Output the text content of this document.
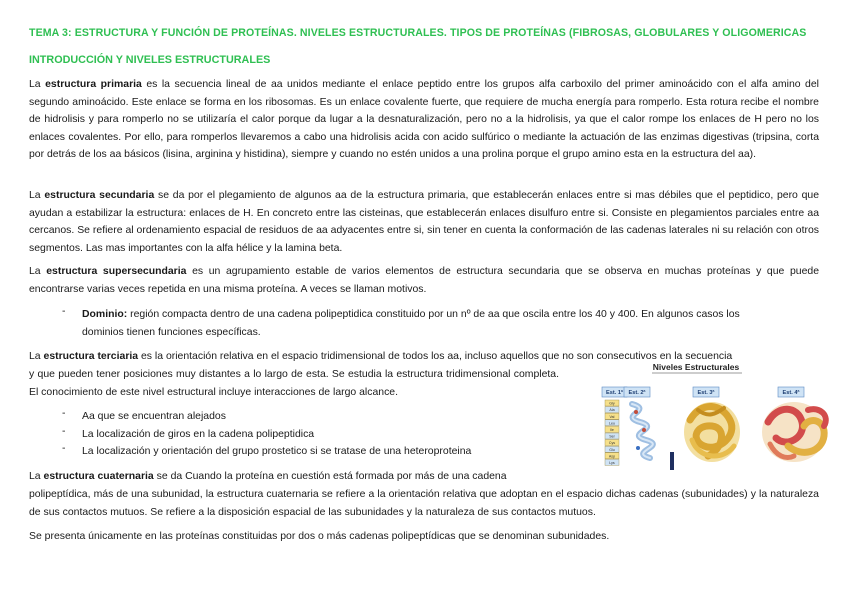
TEMA 3: ESTRUCTURA Y FUNCIÓN DE PROTEÍNAS. NIVELES ESTRUCTURALES. TIPOS DE PROTEÍNAS (FIBROSAS, GLOBULARES Y OLIGOMERICAS
INTRODUCCIÓN Y NIVELES ESTRUCTURALES
La estructura primaria es la secuencia lineal de aa unidos mediante el enlace peptido entre los grupos alfa carboxilo del primer aminoácido con el alfa amino del segundo aminoácido. Este enlace se forma en los ribosomas. Es un enlace covalente fuerte, que requiere de mucha energía para romperlo. Esta rotura recibe el nombre de hidrolisis y para romperlo no se utilizaría el calor porque da lugar a la desnaturalización, pero no a la hidrolisis, ya que el calor rompe los enlaces de H pero no los enlaces covalentes. Por ello, para romperlos llevaremos a cabo una hidrolisis acida con acido sulfúrico o mediante la actuación de las enzimas digestivas (tripsina, corta por detrás de los aa básicos (lisina, arginina y histidina), siempre y cuando no estén unidos a una prolina porque el grupo amino esta en la estructura del aa).
La estructura secundaria se da por el plegamiento de algunos aa de la estructura primaria, que establecerán enlaces entre si mas débiles que el peptidico, pero que ayudan a estabilizar la estructura: enlaces de H. En concreto entre las cisteinas, que establecerán enlaces disulfuro entre si. Consiste en plegamientos parciales entre aa cercanos. Se refiere al ordenamiento espacial de residuos de aa adyacentes entre si, sin tener en cuenta la conformación de las cadenas laterales ni su relación con otros segmentos. Las mas importantes con la alfa hélice y la lamina beta.
La estructura supersecundaria es un agrupamiento estable de varios elementos de estructura secundaria que se observa en muchas proteínas y que puede encontrarse varias veces repetida en una misma proteína. A veces se llaman motivos.
- Dominio: región compacta dentro de una cadena polipeptidica constituido por un nº de aa que oscila entre los 40 y 400. En algunos casos los dominios tienen funciones específicas.
La estructura terciaria es la orientación relativa en el espacio tridimensional de todos los aa, incluso aquellos que no son consecutivos en la secuencia
y que pueden tener posiciones muy distantes a lo largo de esta. Se estudia la estructura tridimensional completa. El conocimiento de este nivel estructural incluye interacciones de largo alcance.
- Aa que se encuentran alejados
- La localización de giros en la cadena polipeptidica
- La localización y orientación del grupo prostetico si se tratase de una heteroproteina
La estructura cuaternaria se da Cuando la proteína en cuestión está formada por más de una cadena
polipeptídica, más de una subunidad, la estructura cuaternaria se refiere a la orientación relativa que adoptan en el espacio dichas cadenas (subunidades) y la naturaleza de sus contactos mutuos. Se refiere a la disposición espacial de las subunidades y la naturaleza de sus contactos mutuos.
Se presenta únicamente en las proteínas constituidas por dos o más cadenas polipeptídicas que se denominan subunidades.
Niveles Estructurales
Est. 1ª Est. 2ª	Est. 3ª	Est. 4ª
Gly
Ala
Val
Leu
Ile
Ser
Cys
Glu
Asp
Lys
